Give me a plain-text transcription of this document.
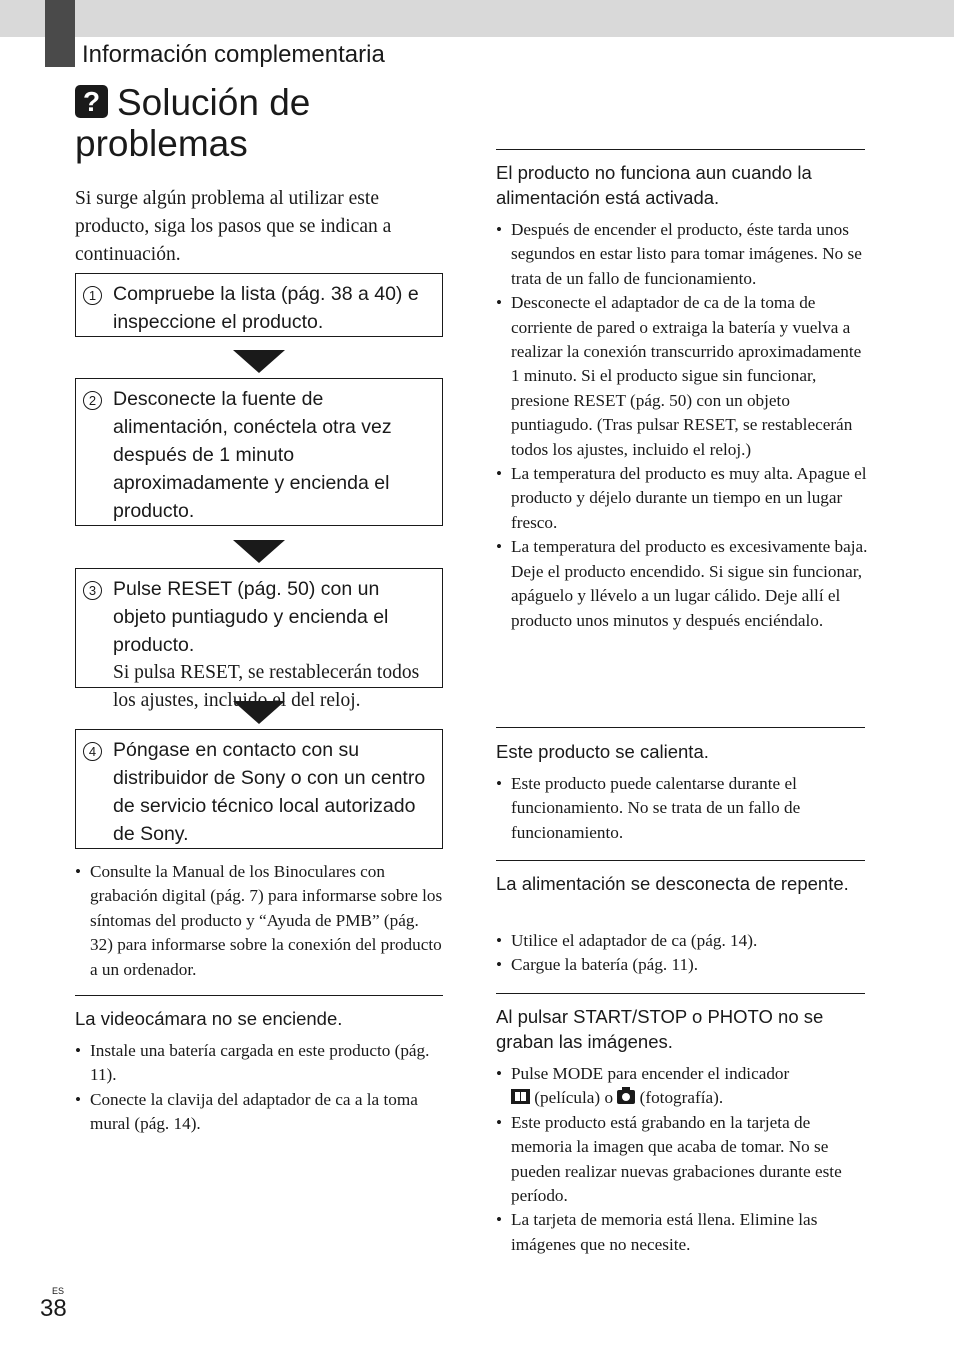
Información complementaria
? Solución de problemas

Si surge algún problema al utilizar este producto, siga los pasos que se indican a continuación.

1 Compruebe la lista (pág. 38 a 40) e inspeccione el producto.
2 Desconecte la fuente de alimentación, conéctela otra vez después de 1 minuto aproximadamente y encienda el producto.
3 Pulse RESET (pág. 50) con un objeto puntiagudo y encienda el producto.
Si pulsa RESET, se restablecerán todos los ajustes, incluido el del reloj.
4 Póngase en contacto con su distribuidor de Sony o con un centro de servicio técnico local autorizado de Sony.
• Consulte la Manual de los Binoculares con grabación digital (pág. 7) para informarse sobre los síntomas del producto y “Ayuda de PMB” (pág. 32) para informarse sobre la conexión del producto a un ordenador.
La videocámara no se enciende.
• Instale una batería cargada en este producto (pág. 11).
• Conecte la clavija del adaptador de ca a la toma mural (pág. 14).
El producto no funciona aun cuando la alimentación está activada.
• Después de encender el producto, éste tarda unos segundos en estar listo para tomar imágenes. No se trata de un fallo de funcionamiento.
• Desconecte el adaptador de ca de la toma de corriente de pared o extraiga la batería y vuelva a realizar la conexión transcurrido aproximadamente 1 minuto. Si el producto sigue sin funcionar, presione RESET (pág. 50) con un objeto puntiagudo. (Tras pulsar RESET, se restablecerán todos los ajustes, incluido el reloj.)
• La temperatura del producto es muy alta. Apague el producto y déjelo durante un tiempo en un lugar fresco.
• La temperatura del producto es excesivamente baja. Deje el producto encendido. Si sigue sin funcionar, apáguelo y llévelo a un lugar cálido. Deje allí el producto unos minutos y después enciéndalo.
Este producto se calienta.
• Este producto puede calentarse durante el funcionamiento. No se trata de un fallo de funcionamiento.
La alimentación se desconecta de repente.
• Utilice el adaptador de ca (pág. 14).
• Cargue la batería (pág. 11).
Al pulsar START/STOP o PHOTO no se graban las imágenes.
• Pulse MODE para encender el indicador
(película) o (fotografía).
• Este producto está grabando en la tarjeta de memoria la imagen que acaba de tomar. No se pueden realizar nuevas grabaciones durante este período.
• La tarjeta de memoria está llena. Elimine las imágenes que no necesite.
ES
38
